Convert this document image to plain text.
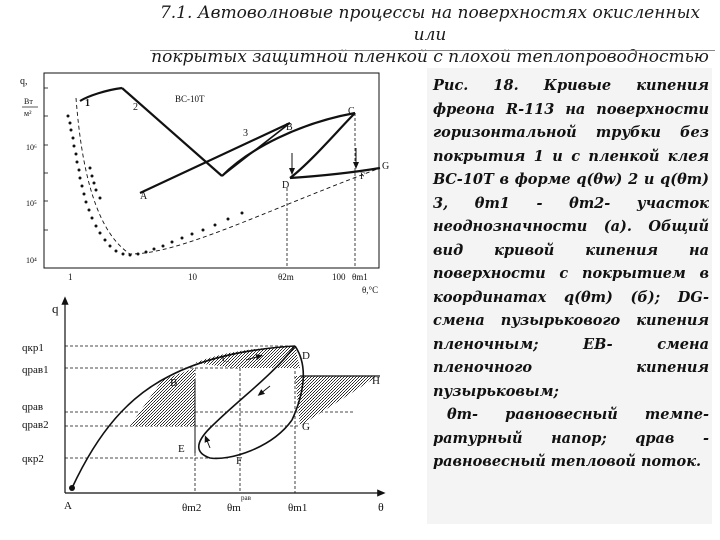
7.1. Автоволновые процессы на поверхностях окисленных или
покрытых защитной пленкой с плохой теплопроводностью
q,
Вт
м²
10⁶
10⁵
10⁴
1	10	θ2m	100 θm1
θ,°C
ВС-10Т
1	2
3
A
B
C
D
F
G
q
qкр1
qрав1
qрав
qрав2
qкр2
A
B
C	D
H
G
E
F
θm2 θm
рав
θm1	θ

Рис. 18. Кривые кипения фреона R-113 на поверхности горизонтальной трубки без покрытия 1 и с пленкой клея ВС-10Т в форме q(θw) 2 и q(θm) 3, θm1 - θm2- участок неоднозначности (а). Общий вид кривой кипения на поверхности с покрытием в координатах q(θm) (б); DG- смена пузырькового кипения пленочным; EB- смена пленочного кипения пузырьковым;

θm- равновесный темпе-ратурный напор; qрав - равновесный тепловой поток.
